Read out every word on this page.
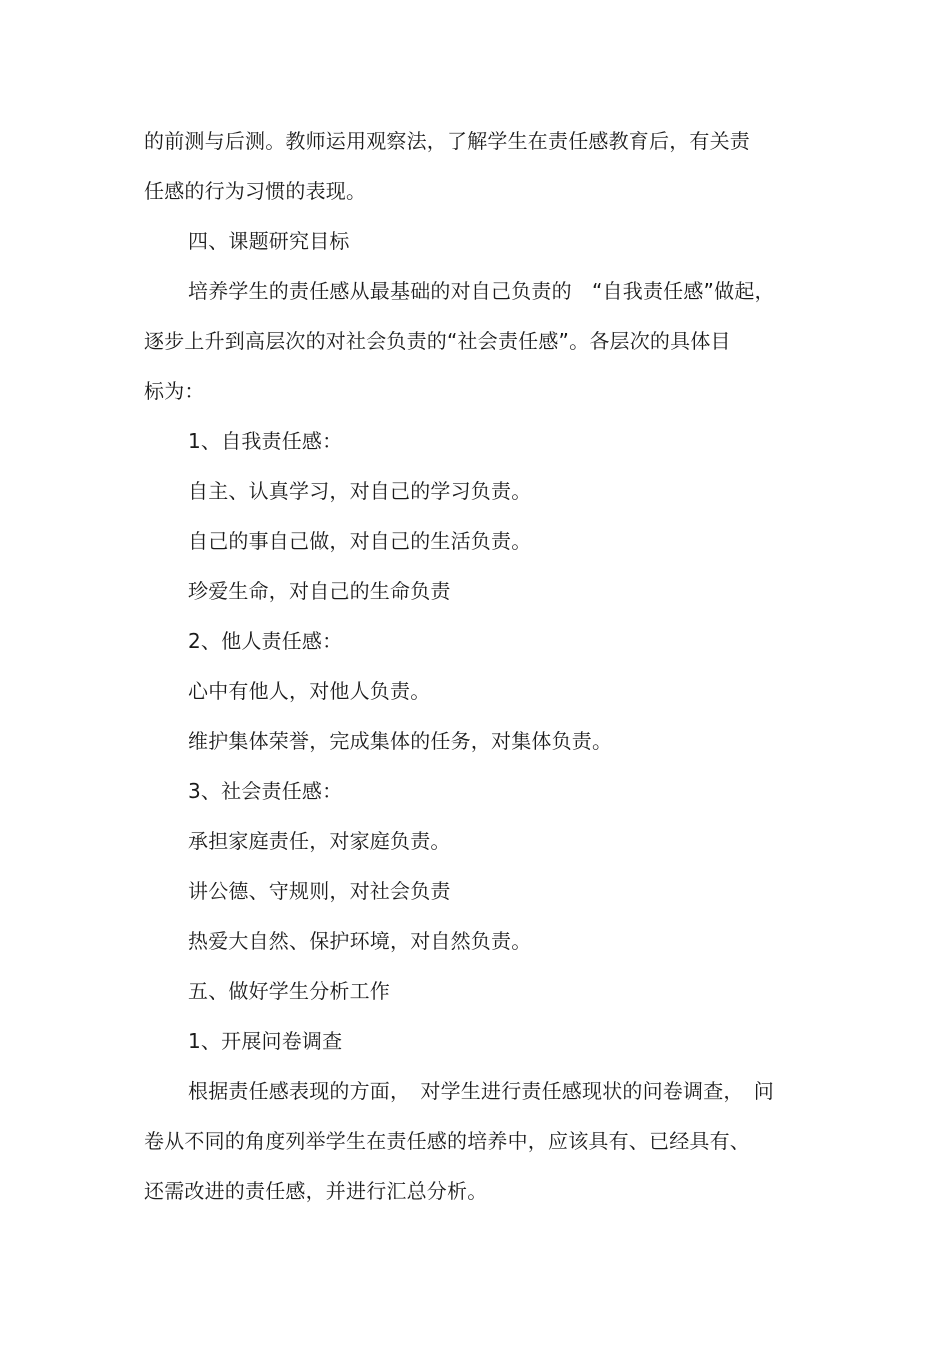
的前测与后测。教师运用观察法，了解学生在责任感教育后，有关责
任感的行为习惯的表现。
四、课题研究目标
培养学生的责任感从最基础的对自己负责的　“自我责任感”做起，
逐步上升到高层次的对社会负责的“社会责任感”。各层次的具体目
标为：
1、自我责任感：
自主、认真学习，对自己的学习负责。
自己的事自己做，对自己的生活负责。
珍爱生命，对自己的生命负责
2、他人责任感：
心中有他人，对他人负责。
维护集体荣誉，完成集体的任务，对集体负责。
3、社会责任感：
承担家庭责任，对家庭负责。
讲公德、守规则，对社会负责
热爱大自然、保护环境，对自然负责。
五、做好学生分析工作
1、开展问卷调查
根据责任感表现的方面，　对学生进行责任感现状的问卷调查，　问
卷从不同的角度列举学生在责任感的培养中，应该具有、已经具有、
还需改进的责任感，并进行汇总分析。
